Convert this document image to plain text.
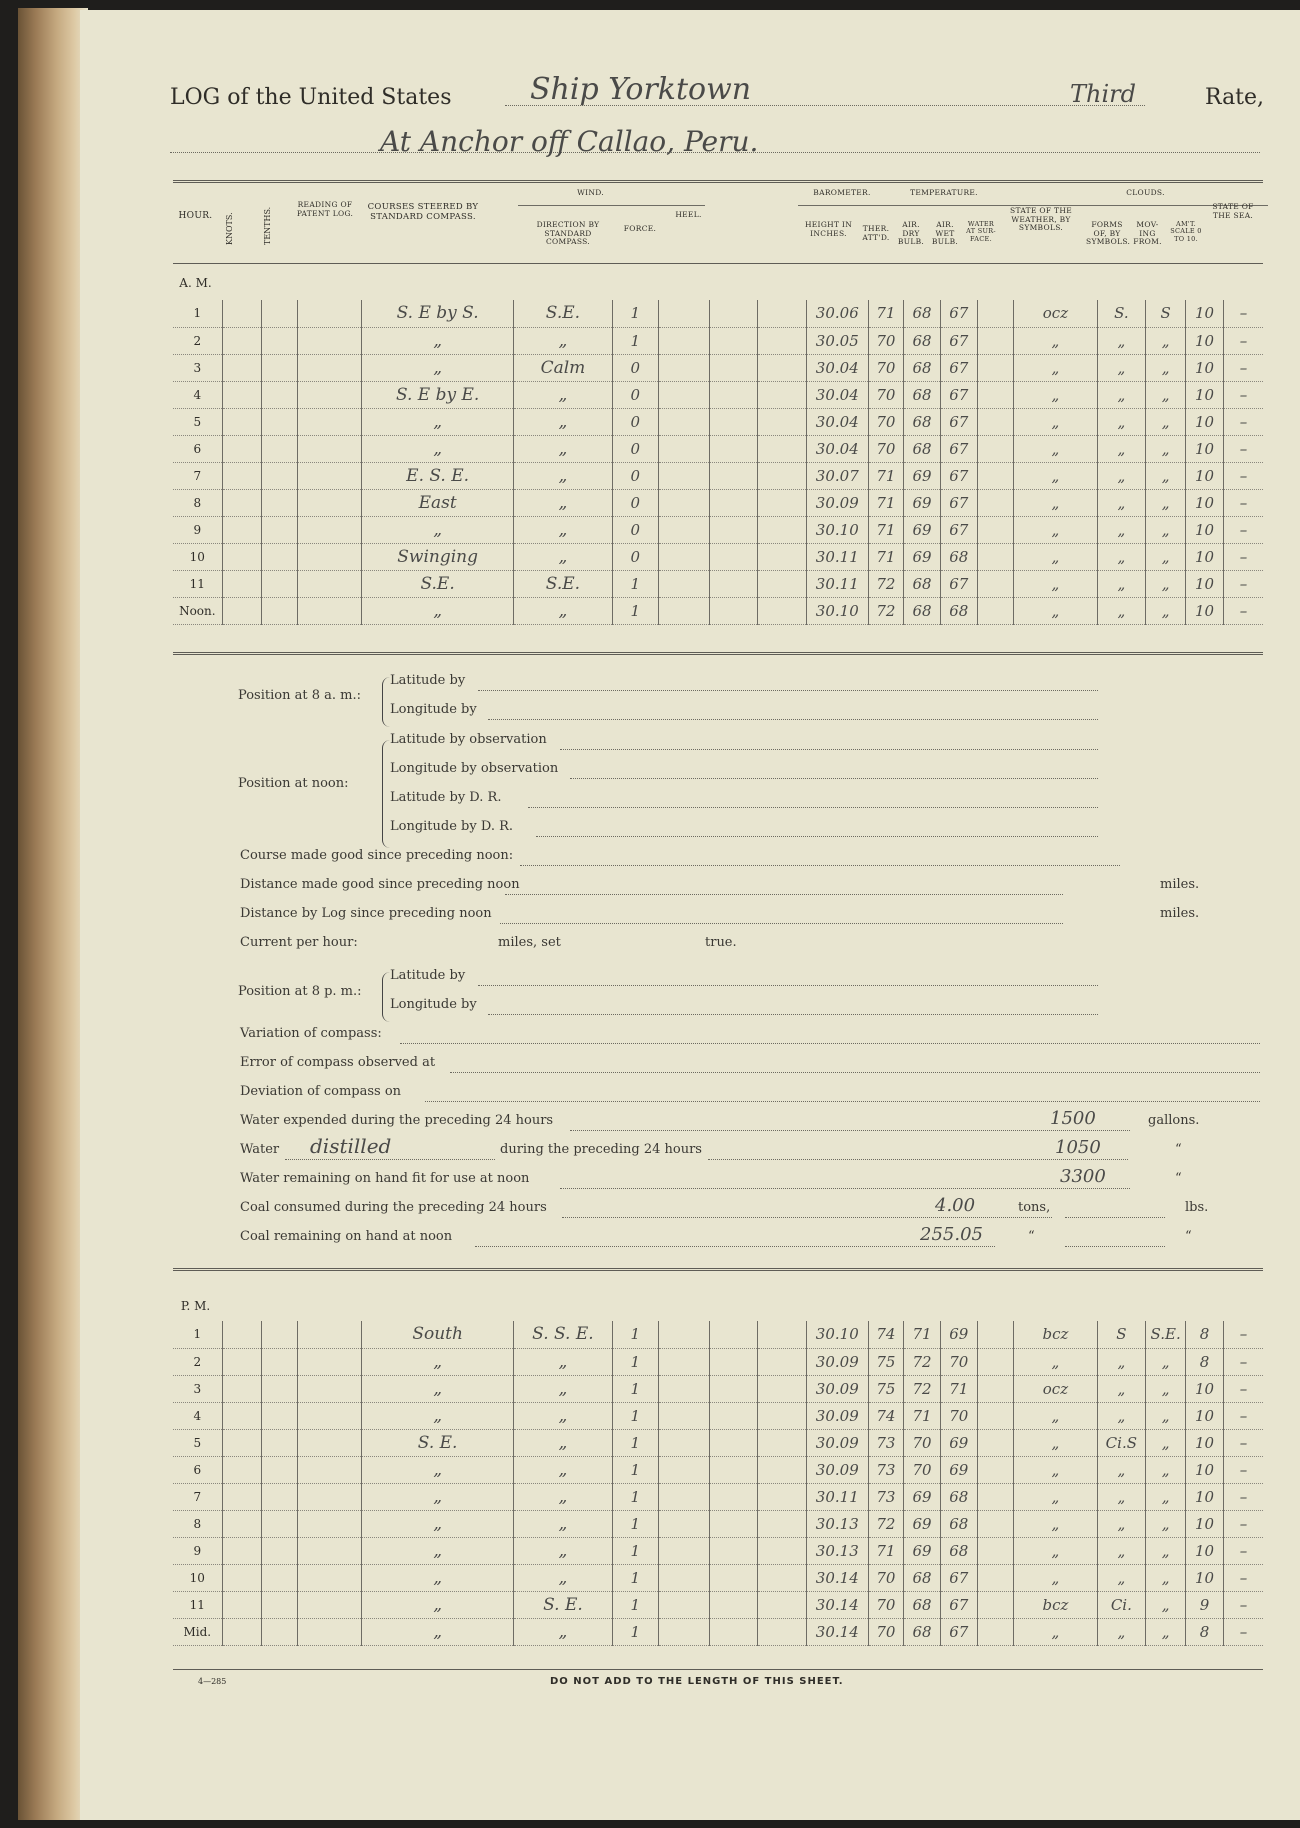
LOG of the United States	Ship Yorktown	Third	Rate,
At Anchor off Callao, Peru.
HOUR.	KNOTS.	TENTHS.
READING OF PATENT LOG.
COURSES STEERED BY STANDARD COMPASS.
WIND.
DIRECTION BY STANDARD COMPASS.
FORCE.
HEEL.
BAROMETER.
HEIGHT IN INCHES.
THER. ATT'D.
TEMPERATURE.
AIR. DRY BULB.
AIR. WET BULB.
WATER AT SUR- FACE.
STATE OF THE WEATHER, BY SYMBOLS.
CLOUDS.
FORMS OF, BY SYMBOLS.
MOV- ING FROM.
AM'T. SCALE 0 TO 10.
STATE OF THE SEA.
A. M.
1				S. E by S.	S.E.	1				30.06	71	68	67		ocz	S.	S	10	–
2				„	„	1				30.05	70	68	67		„	„	„	10	–
3				„	Calm	0				30.04	70	68	67		„	„	„	10	–
4				S. E by E.	„	0				30.04	70	68	67		„	„	„	10	–
5				„	„	0				30.04	70	68	67		„	„	„	10	–
6				„	„	0				30.04	70	68	67		„	„	„	10	–
7				E. S. E.	„	0				30.07	71	69	67		„	„	„	10	–
8				East	„	0				30.09	71	69	67		„	„	„	10	–
9				„	„	0				30.10	71	69	67		„	„	„	10	–
10				Swinging	„	0				30.11	71	69	68		„	„	„	10	–
11				S.E.	S.E.	1				30.11	72	68	67		„	„	„	10	–
Noon.				„	„	1				30.10	72	68	68		„	„	„	10	–
Position at 8 a. m.:
Latitude by
Longitude by
Position at noon:
Latitude by observation
Longitude by observation
Latitude by D. R.
Longitude by D. R.
Course made good since preceding noon:
Distance made good since preceding noon	miles.
Distance by Log since preceding noon	miles.
Current per hour:	miles, set	true.
Position at 8 p. m.:
Latitude by
Longitude by
Variation of compass:
Error of compass observed at
Deviation of compass on
Water expended during the preceding 24 hours	1500	gallons.
Water distilled	during the preceding 24 hours	1050	“
Water remaining on hand fit for use at noon	3300	“
Coal consumed during the preceding 24 hours	4.00	tons,	lbs.
Coal remaining on hand at noon	255.05	“	“
P. M.
1				South	S. S. E.	1				30.10	74	71	69		bcz	S	S.E.	8	–
2				„	„	1				30.09	75	72	70		„	„	„	8	–
3				„	„	1				30.09	75	72	71		ocz	„	„	10	–
4				„	„	1				30.09	74	71	70		„	„	„	10	–
5				S. E.	„	1				30.09	73	70	69		„	Ci.S	„	10	–
6				„	„	1				30.09	73	70	69		„	„	„	10	–
7				„	„	1				30.11	73	69	68		„	„	„	10	–
8				„	„	1				30.13	72	69	68		„	„	„	10	–
9				„	„	1				30.13	71	69	68		„	„	„	10	–
10				„	„	1				30.14	70	68	67		„	„	„	10	–
11				„	S. E.	1				30.14	70	68	67		bcz	Ci.	„	9	–
Mid.				„	„	1				30.14	70	68	67		„	„	„	8	–
4—285	DO NOT ADD TO THE LENGTH OF THIS SHEET.
